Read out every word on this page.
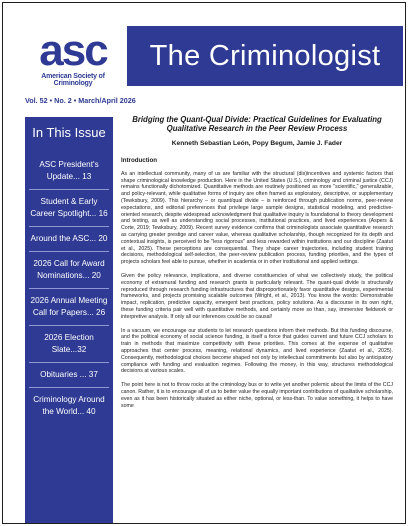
asc
American Society of Criminology
The Criminologist
Vol. 52 • No. 2 • March/April 2026
In This Issue
ASC President's Update... 13
Student & Early Career Spotlight... 16
Around the ASC... 20
2026 Call for Award Nominations... 20
2026 Annual Meeting Call for Papers... 26
2026 Election Slate...32
Obituaries ... 37
Criminology Around the World... 40
Bridging the Quant-Qual Divide: Practical Guidelines for Evaluating Qualitative Research in the Peer Review Process
Kenneth Sebastian León, Popy Begum, Jamie J. Fader
Introduction

As an intellectual community, many of us are familiar with the structural (dis)incentives and systemic factors that shape criminological knowledge production. Here in the United States (U.S.), criminology and criminal justice (CCJ) remains functionally dichotomized. Quantitative methods are routinely positioned as more "scientific," generalizable, and policy-relevant, while qualitative forms of inquiry are often framed as exploratory, descriptive, or supplementary (Tewksbury, 2009). This hierarchy – or quant/qual divide – is reinforced through publication norms, peer-review expectations, and editorial preferences that privilege large sample designs, statistical modeling, and predictive-oriented research, despite widespread acknowledgment that qualitative inquiry is foundational to theory development and testing, as well as understanding social processes, institutional practices, and lived experiences (Aspers & Corte, 2019; Tewksbury, 2009). Recent survey evidence confirms that criminologists associate quantitative research as carrying greater prestige and career value, whereas qualitative scholarship, though recognized for its depth and contextual insights, is perceived to be "less rigorous" and less rewarded within institutions and our discipline (Zaatut et al., 2025). These perceptions are consequential. They shape career trajectories, including student training decisions, methodological self-selection, the peer-review publication process, funding priorities, and the types of projects scholars feel able to pursue, whether in academia or in other institutional and applied settings.

Given the policy relevance, implications, and diverse constituencies of what we collectively study, the political economy of extramural funding and research grants is particularly relevant. The quant-qual divide is structurally reproduced through research funding infrastructures that disproportionately favor quantitative designs, experimental frameworks, and projects promising scalable outcomes (Wright, et al., 2013). You know the words: Demonstrable impact, replication, predictive capacity, emergent best practices, policy solutions. As a discourse in its own right, these funding criteria pair well with quantitative methods, and certainly more so than, say, immersive fieldwork or interpretive analysis. If only all our inferences could be so causal!

In a vacuum, we encourage our students to let research questions inform their methods. But this funding discourse, and the political economy of social science funding, is itself a force that guides current and future CCJ scholars to train in methods that maximize competitivity with these priorities. This comes at the expense of qualitative approaches that center process, meaning, relational dynamics, and lived experience (Zaatut et al., 2025). Consequently, methodological choices become shaped not only by intellectual commitments but also by anticipatory compliance with funding and evaluation regimes. Following the money, in this way, structures methodological decisions at various scales.

The point here is not to throw rocks at the criminology bus or to write yet another polemic about the limits of the CCJ canon. Rather, it is to encourage all of us to better value the equally important contributions of qualitative scholarship, even as it has been historically situated as either niche, optional, or less-than. To value something, it helps to have some
